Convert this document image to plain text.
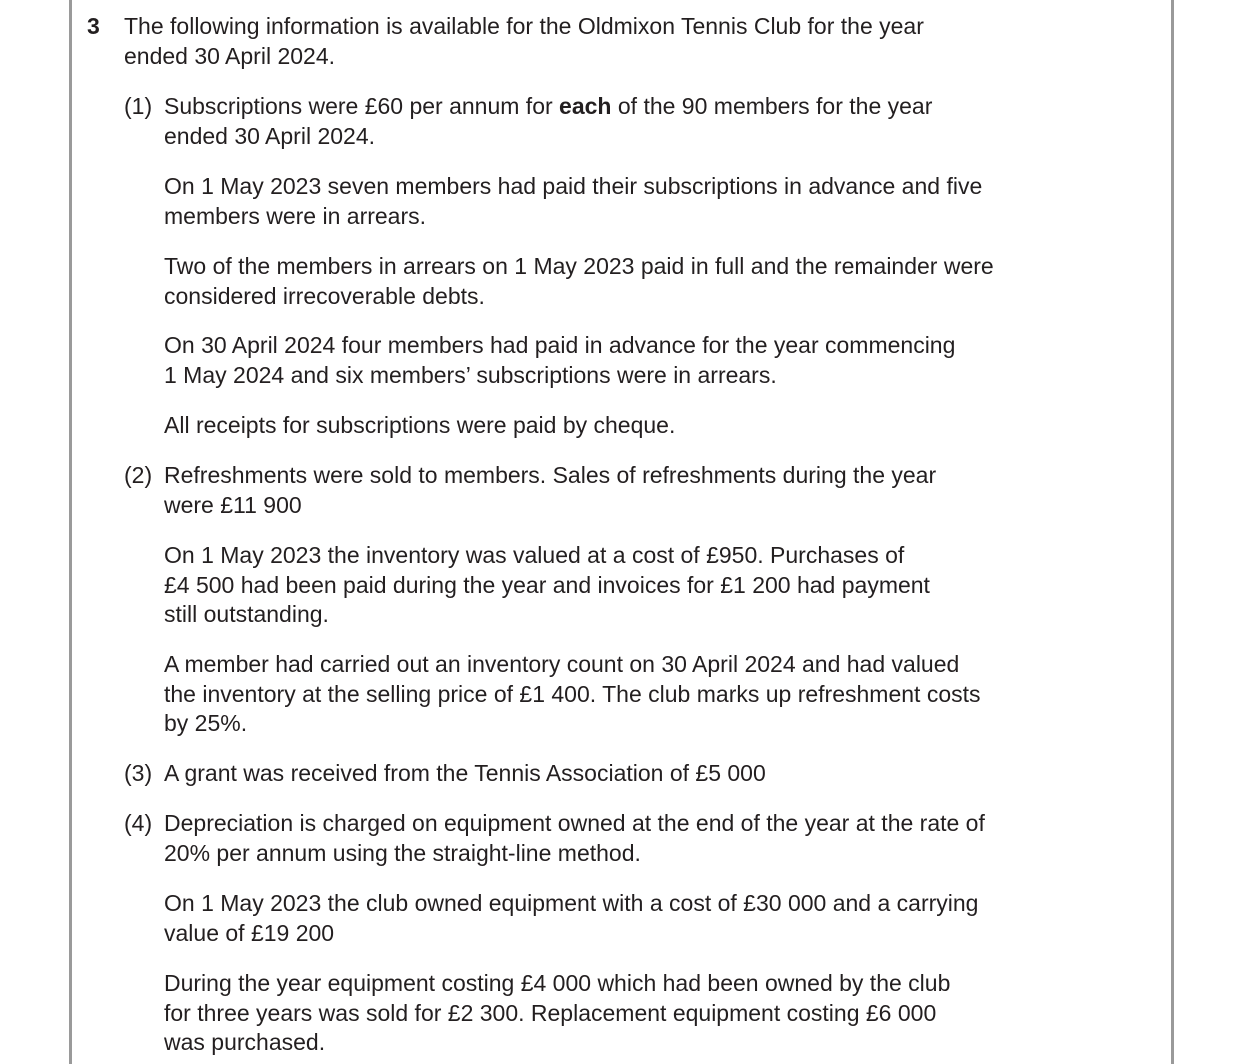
3 The following information is available for the Oldmixon Tennis Club for the year
ended 30 April 2024.

(1) Subscriptions were £60 per annum for each of the 90 members for the year
ended 30 April 2024.

On 1 May 2023 seven members had paid their subscriptions in advance and five
members were in arrears.

Two of the members in arrears on 1 May 2023 paid in full and the remainder were
considered irrecoverable debts.

On 30 April 2024 four members had paid in advance for the year commencing
1 May 2024 and six members’ subscriptions were in arrears.

All receipts for subscriptions were paid by cheque.

(2) Refreshments were sold to members. Sales of refreshments during the year
were £11 900

On 1 May 2023 the inventory was valued at a cost of £950. Purchases of
£4 500 had been paid during the year and invoices for £1 200 had payment
still outstanding.

A member had carried out an inventory count on 30 April 2024 and had valued
the inventory at the selling price of £1 400. The club marks up refreshment costs
by 25%.

(3) A grant was received from the Tennis Association of £5 000

(4) Depreciation is charged on equipment owned at the end of the year at the rate of
20% per annum using the straight-line method.

On 1 May 2023 the club owned equipment with a cost of £30 000 and a carrying
value of £19 200

During the year equipment costing £4 000 which had been owned by the club
for three years was sold for £2 300. Replacement equipment costing £6 000
was purchased.
